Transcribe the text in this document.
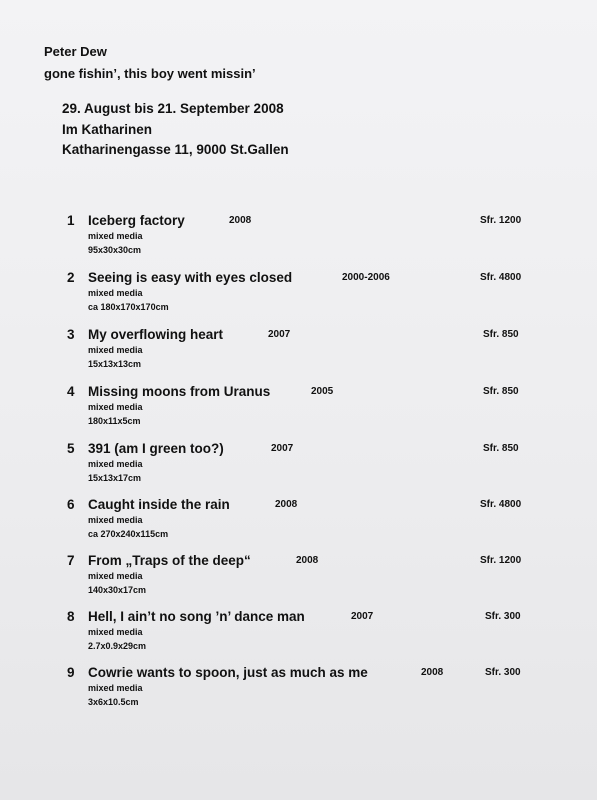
Peter Dew
gone fishin’, this boy went missin’
29. August bis 21. September 2008
Im Katharinen
Katharinengasse 11, 9000 St.Gallen
1 Iceberg factory	2008	Sfr. 1200
mixed media
95x30x30cm
2 Seeing is easy with eyes closed	2000-2006	Sfr. 4800
mixed media
ca 180x170x170cm
3 My overflowing heart	2007	Sfr. 850
mixed media
15x13x13cm
4 Missing moons from Uranus	2005	Sfr. 850
mixed media
180x11x5cm
5 391 (am I green too?)	2007	Sfr. 850
mixed media
15x13x17cm
6 Caught inside the rain	2008	Sfr. 4800
mixed media
ca 270x240x115cm
7 From „Traps of the deep“	2008	Sfr. 1200
mixed media
140x30x17cm
8 Hell, I ain’t no song ’n’ dance man	2007	Sfr. 300
mixed media
2.7x0.9x29cm
9 Cowrie wants to spoon, just as much as me	2008	Sfr. 300
mixed media
3x6x10.5cm
